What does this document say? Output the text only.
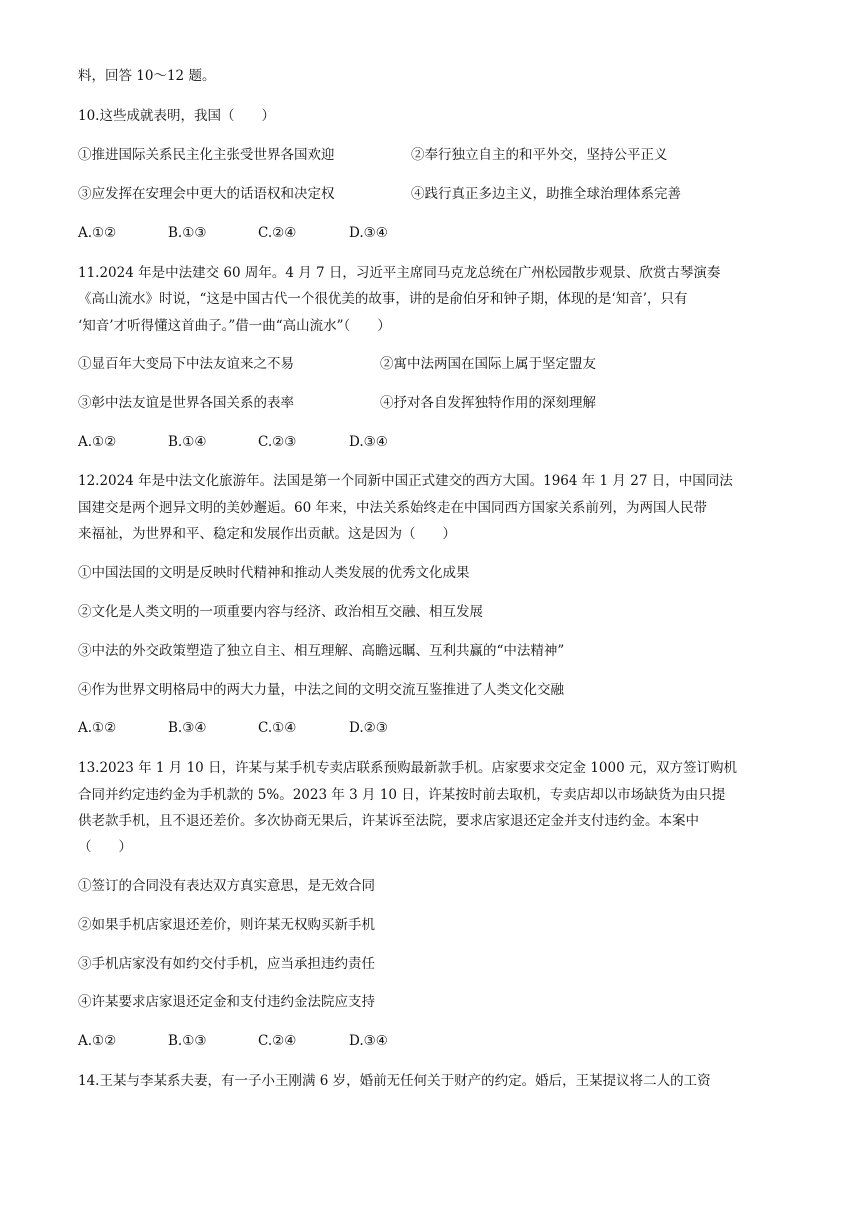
料，回答 10～12 题。
10.这些成就表明，我国（　　）
①推进国际关系民主化主张受世界各国欢迎	②奉行独立自主的和平外交，坚持公平正义
③应发挥在安理会中更大的话语权和决定权	④践行真正多边主义，助推全球治理体系完善
A.①②	B.①③	C.②④	D.③④
11.2024 年是中法建交 60 周年。4 月 7 日，习近平主席同马克龙总统在广州松园散步观景、欣赏古琴演奏
《高山流水》时说，“这是中国古代一个很优美的故事，讲的是俞伯牙和钟子期，体现的是‘知音’，只有
‘知音’才听得懂这首曲子。”借一曲“高山流水”（　　）
①显百年大变局下中法友谊来之不易	②寓中法两国在国际上属于坚定盟友
③彰中法友谊是世界各国关系的表率	④抒对各自发挥独特作用的深刻理解
A.①②	B.①④	C.②③	D.③④
12.2024 年是中法文化旅游年。法国是第一个同新中国正式建交的西方大国。1964 年 1 月 27 日，中国同法
国建交是两个迥异文明的美妙邂逅。60 年来，中法关系始终走在中国同西方国家关系前列，为两国人民带
来福祉，为世界和平、稳定和发展作出贡献。这是因为（　　）
①中国法国的文明是反映时代精神和推动人类发展的优秀文化成果
②文化是人类文明的一项重要内容与经济、政治相互交融、相互发展
③中法的外交政策塑造了独立自主、相互理解、高瞻远瞩、互利共赢的“中法精神”
④作为世界文明格局中的两大力量，中法之间的文明交流互鉴推进了人类文化交融
A.①②	B.③④	C.①④	D.②③
13.2023 年 1 月 10 日，许某与某手机专卖店联系预购最新款手机。店家要求交定金 1000 元，双方签订购机
合同并约定违约金为手机款的 5%。2023 年 3 月 10 日，许某按时前去取机，专卖店却以市场缺货为由只提
供老款手机，且不退还差价。多次协商无果后，许某诉至法院，要求店家退还定金并支付违约金。本案中
（　　）
①签订的合同没有表达双方真实意思，是无效合同
②如果手机店家退还差价，则许某无权购买新手机
③手机店家没有如约交付手机，应当承担违约责任
④许某要求店家退还定金和支付违约金法院应支持
A.①②	B.①③	C.②④	D.③④
14.王某与李某系夫妻，有一子小王刚满 6 岁，婚前无任何关于财产的约定。婚后，王某提议将二人的工资
